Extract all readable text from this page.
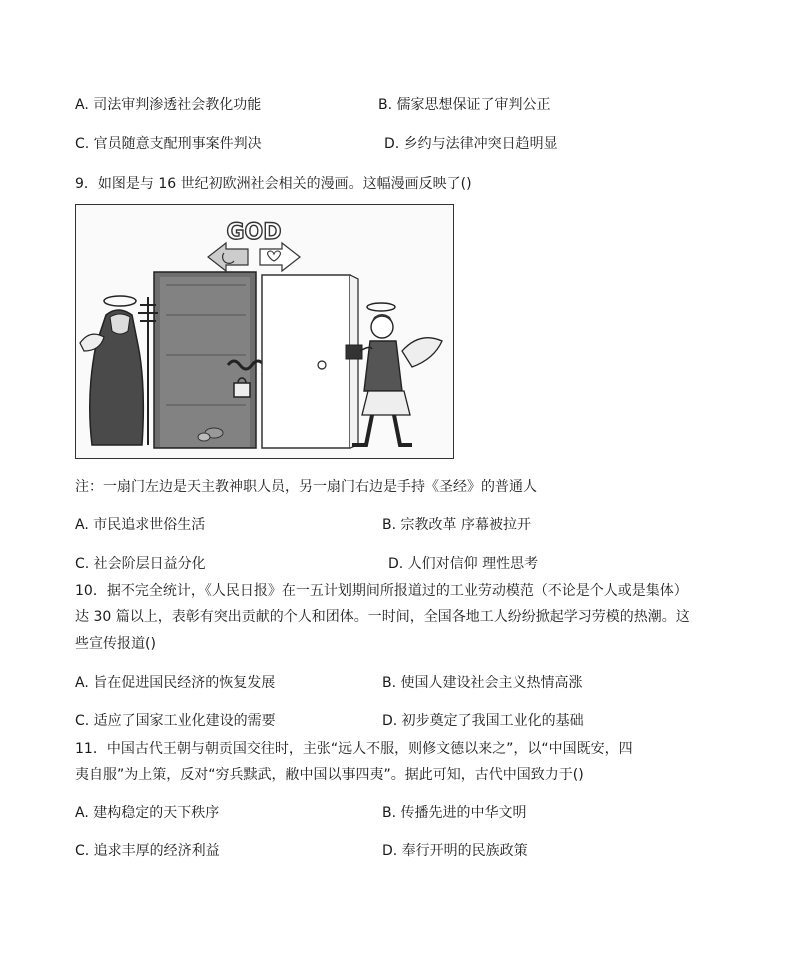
A. 司法审判渗透社会教化功能	B. 儒家思想保证了审判公正
C. 官员随意支配刑事案件判决	D. 乡约与法律冲突日趋明显
9．如图是与 16 世纪初欧洲社会相关的漫画。这幅漫画反映了()
GOD
注：一扇门左边是天主教神职人员，另一扇门右边是手持《圣经》的普通人
A. 市民追求世俗生活	B. 宗教改革 序幕被拉开
C. 社会阶层日益分化	D. 人们对信仰 理性思考
10．据不完全统计，《人民日报》在一五计划期间所报道过的工业劳动模范（不论是个人或是集体）
达 30 篇以上，表彰有突出贡献的个人和团体。一时间，全国各地工人纷纷掀起学习劳模的热潮。这
些宣传报道()
A. 旨在促进国民经济的恢复发展	B. 使国人建设社会主义热情高涨
C. 适应了国家工业化建设的需要	D. 初步奠定了我国工业化的基础
11．中国古代王朝与朝贡国交往时，主张“远人不服，则修文德以来之”，以“中国既安，四
夷自服”为上策，反对“穷兵黩武，敝中国以事四夷”。据此可知，古代中国致力于()
A. 建构稳定的天下秩序	B. 传播先进的中华文明
C. 追求丰厚的经济利益	D. 奉行开明的民族政策
